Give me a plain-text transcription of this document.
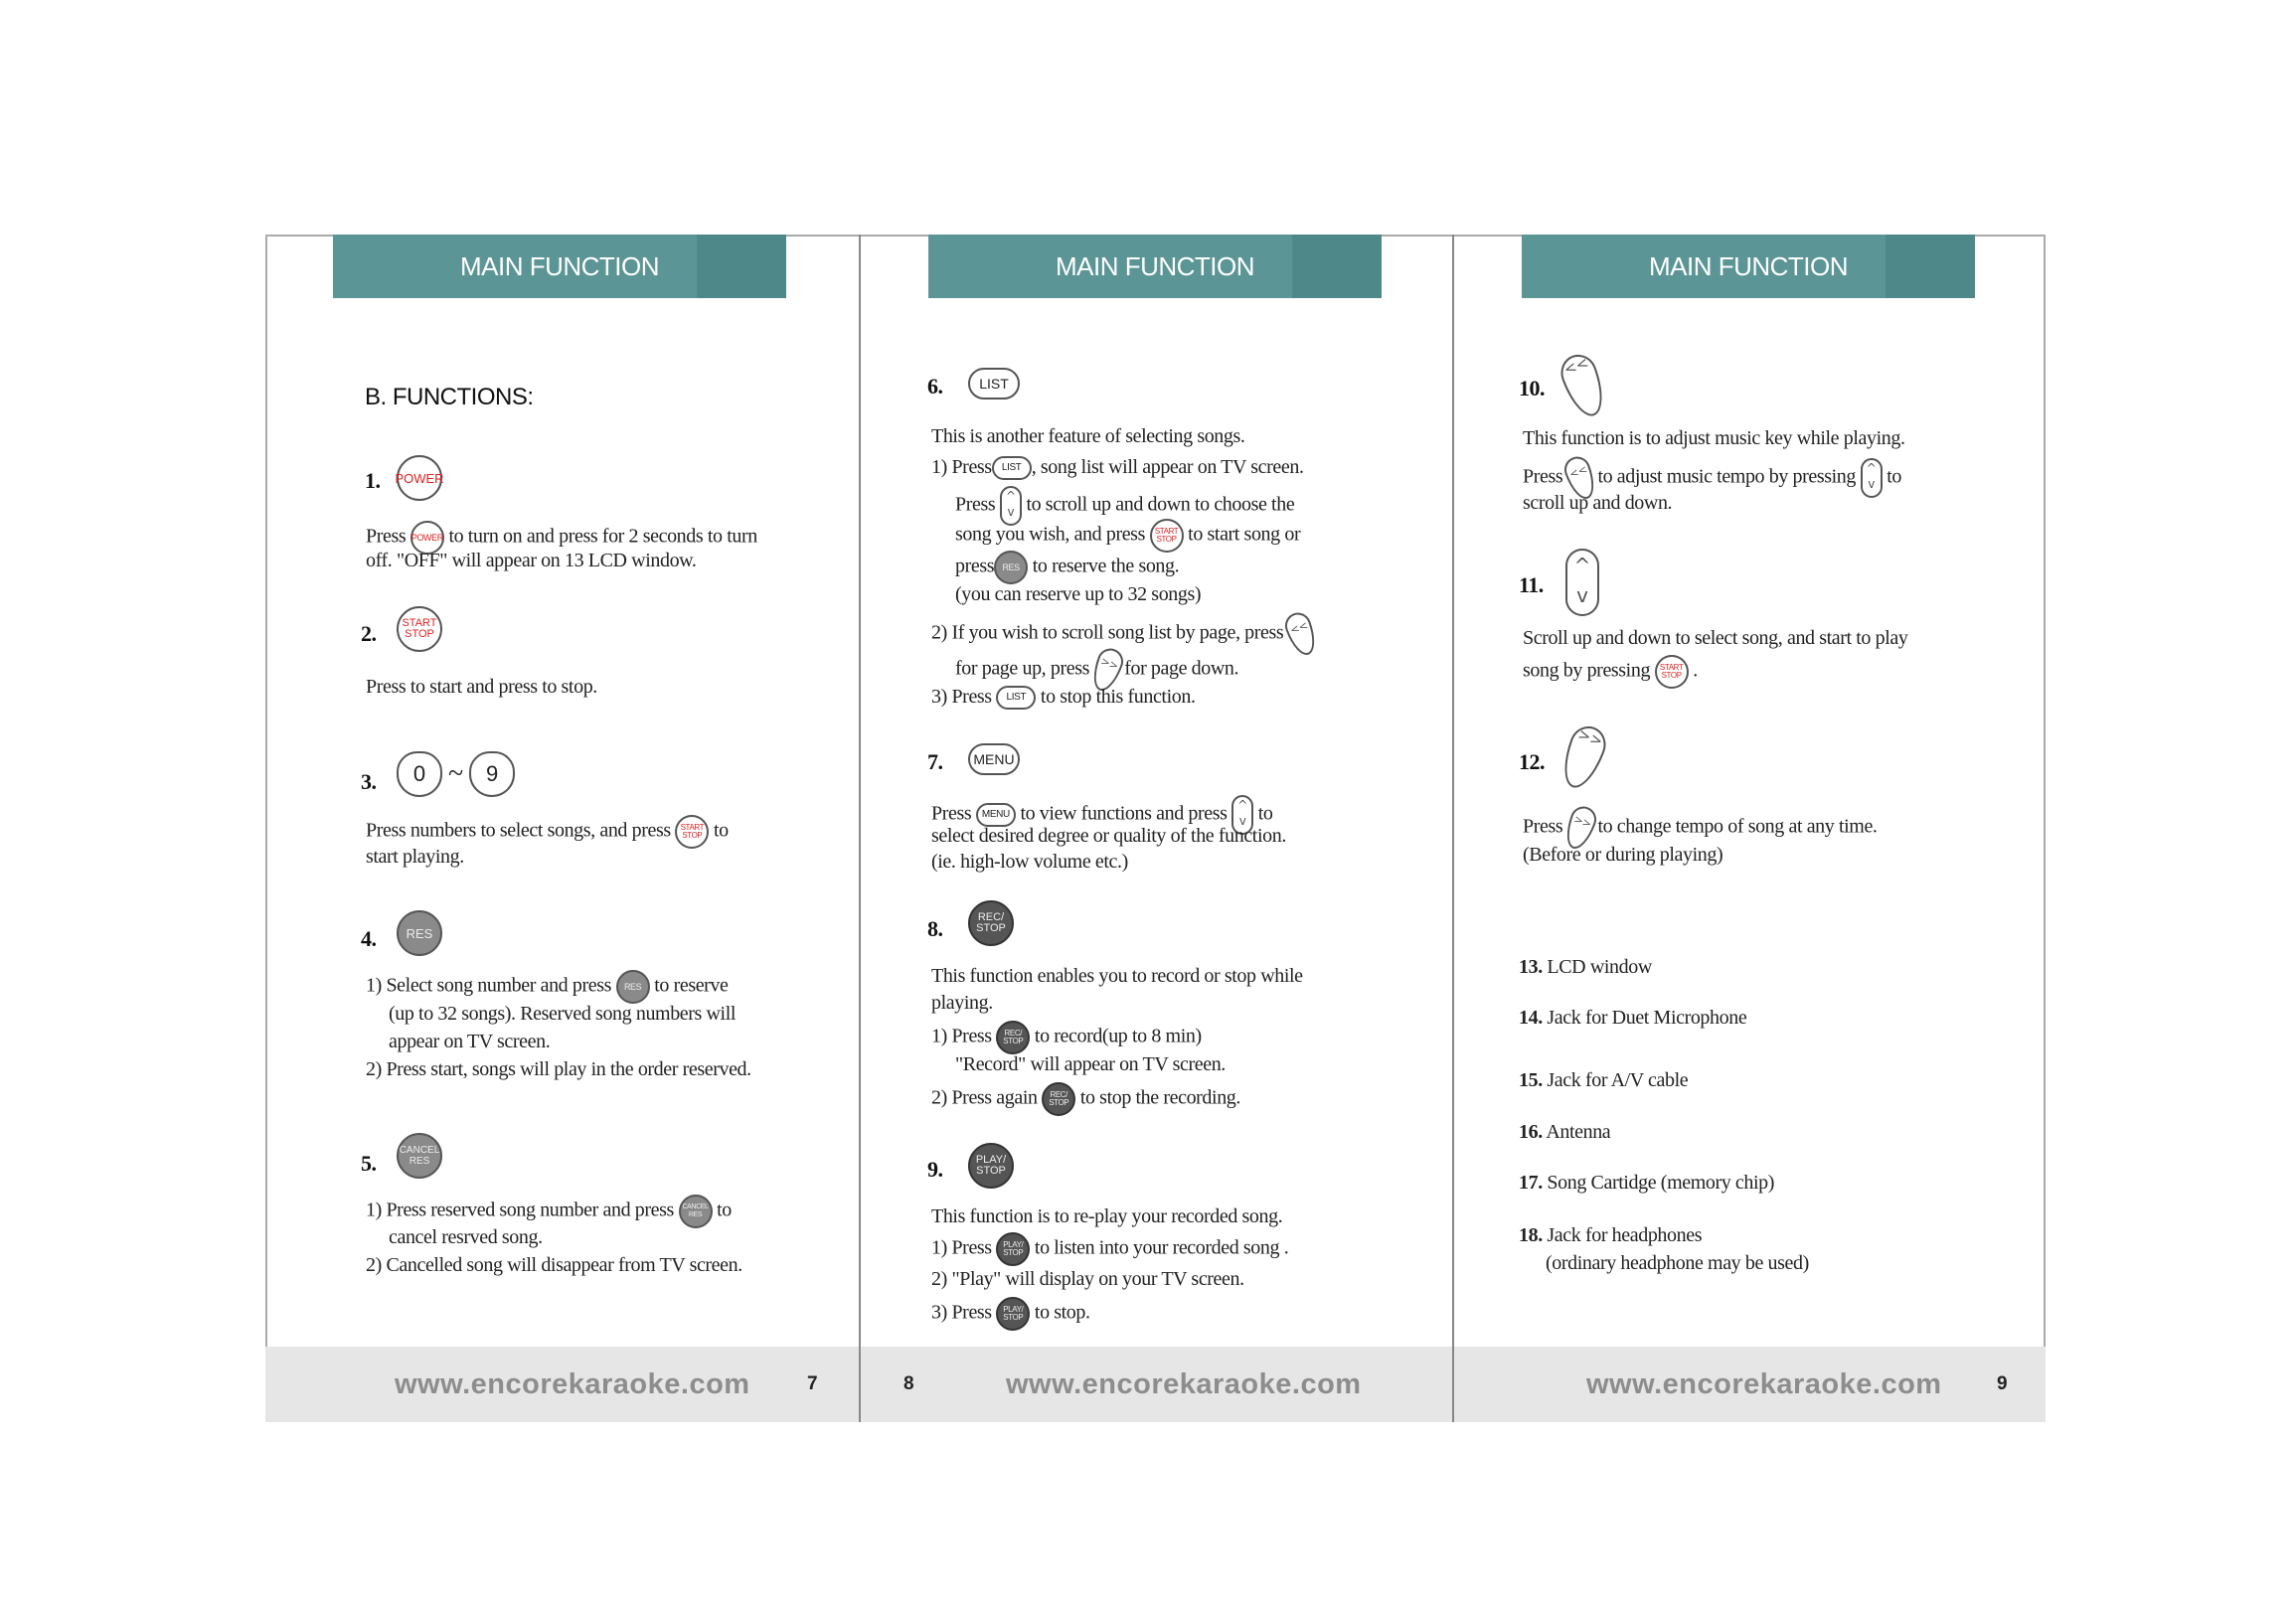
MAIN FUNCTION
B. FUNCTIONS:
1. POWER
Press POWER to turn on and press for 2 seconds to turn
off. "OFF" will appear on 13 LCD window.
2. START
STOP
Press to start and press to stop.
3.	0 ~	9
Press numbers to select songs, and press START
STOP to
start playing.
4.	RES
1) Select song number and press	RES to reserve
(up to 32 songs). Reserved song numbers will
appear on TV screen.
2) Press start, songs will play in the order reserved.
5.
CANCEL
RES
1) Press reserved song number and press CANCEL
RES to
cancel resrved song.
2) Cancelled song will disappear from TV screen.
www.encorekaraoke.com	7
MAIN FUNCTION
6.	LIST
This is another feature of selecting songs.
1) Press LIST , song list will appear on TV screen.
Press ^
v to scroll up and down to choose the
song you wish, and press START
STOP to start song or
press RES to reserve the song.
(you can reserve up to 32 songs)
2) If you wish to scroll song list by page, press <<
for page up, press >> for page down.
3) Press LIST to stop this function.
7.	MENU
Press MENU to view functions and press ^
v to
select desired degree or quality of the function.
(ie. high-low volume etc.)
8.	REC/
STOP
This function enables you to record or stop while
playing.
1) Press REC/
STOP to record(up to 8 min)
"Record" will appear on TV screen.
2) Press again REC/
STOP to stop the recording.
9.	PLAY/
STOP
This function is to re-play your recorded song.
1) Press PLAY/
STOP to listen into your recorded song .
2) "Play" will display on your TV screen.
3) Press PLAY/
STOP to stop.
8	www.encorekaraoke.com
MAIN FUNCTION
10.
<<
This function is to adjust music key while playing.
Press << to adjust music tempo by pressing ^
v to
scroll up and down.
11.
^
v
Scroll up and down to select song, and start to play
song by pressing START
STOP .
12.
>>
Press >> to change tempo of song at any time.
(Before or during playing)
13. LCD window
14. Jack for Duet Microphone
15. Jack for A/V cable
16. Antenna
17. Song Cartidge (memory chip)
18. Jack for headphones
(ordinary headphone may be used)
www.encorekaraoke.com	9
